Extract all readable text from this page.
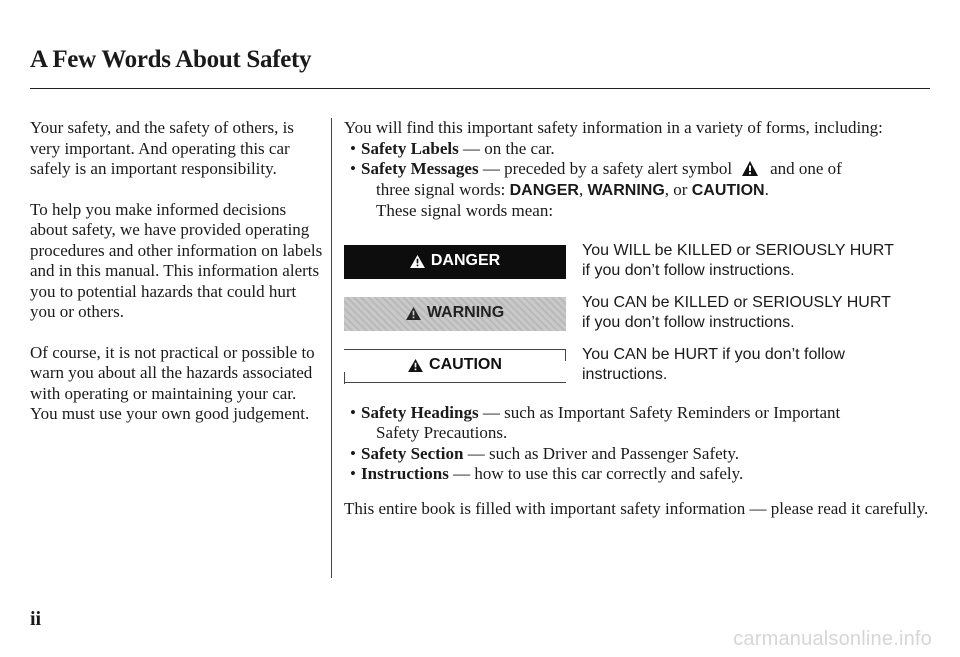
A Few Words About Safety

Your safety, and the safety of others, is very important. And operating this car safely is an important responsibility.

To help you make informed decisions about safety, we have provided operating procedures and other information on labels and in this manual. This information alerts you to potential hazards that could hurt you or others.

Of course, it is not practical or possible to warn you about all the hazards associated with operating or maintaining your car. You must use your own good judgement.

You will find this important safety information in a variety of forms, including:

• Safety Labels — on the car.
• Safety Messages — preceded by a safety alert symbol and one of
three signal words: DANGER, WARNING, or CAUTION.
These signal words mean:
DANGER
You WILL be KILLED or SERIOUSLY HURT if you don’t follow instructions.
WARNING
You CAN be KILLED or SERIOUSLY HURT if you don’t follow instructions.
CAUTION
You CAN be HURT if you don’t follow instructions.
• Safety Headings — such as Important Safety Reminders or Important
Safety Precautions.
• Safety Section — such as Driver and Passenger Safety.
• Instructions — how to use this car correctly and safely.

This entire book is filled with important safety information — please read it carefully.

ii
carmanualsonline.info
